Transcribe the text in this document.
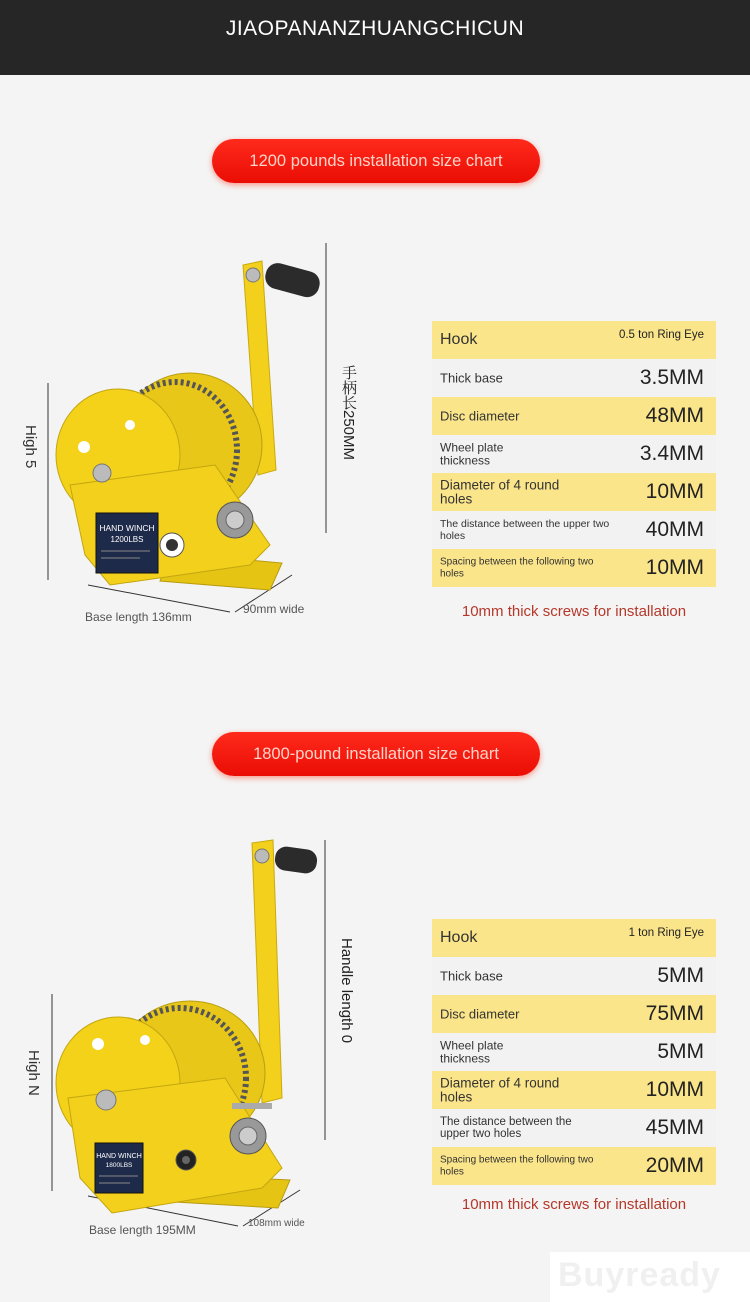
JIAOPANANZHUANGCHICUN
1200 pounds installation size chart
HAND WINCH
1200LBS
High 5	手柄长250MM
Base length 136mm
90mm wide
Hook	0.5 ton Ring Eye
Thick base	3.5MM
Disc diameter	48MM
Wheel plate thickness	3.4MM
Diameter of 4 round holes	10MM
The distance between the upper two holes	40MM
Spacing between the following two holes	10MM
10mm thick screws for installation
1800-pound installation size chart
HAND WINCH
1800LBS
High N
Handle length 0
Base length 195MM	108mm wide
Hook	1 ton Ring Eye
Thick base	5MM
Disc diameter	75MM
Wheel plate thickness	5MM
Diameter of 4 round holes	10MM
The distance between the upper two holes	45MM
Spacing between the following two holes	20MM
10mm thick screws for installation
Buyready
